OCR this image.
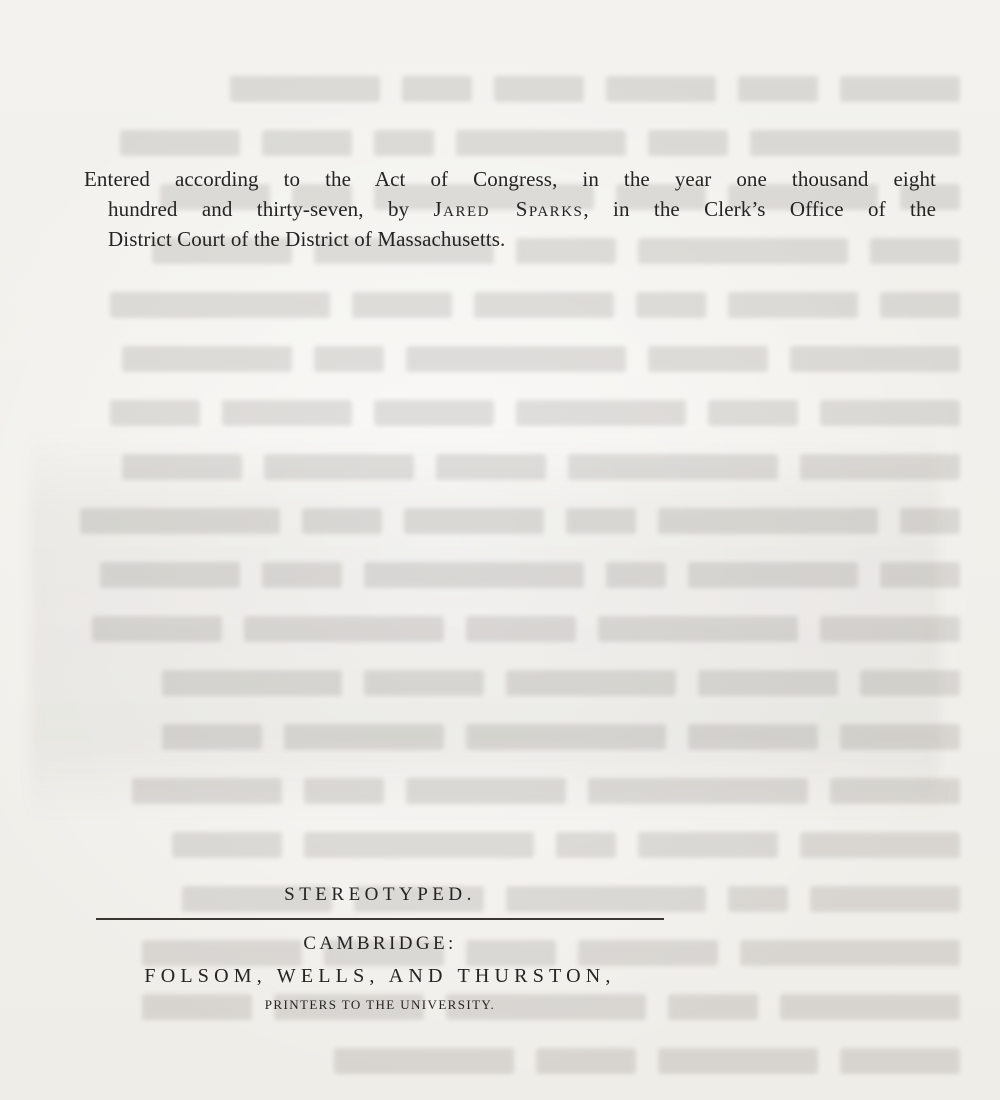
Entered according to the Act of Congress, in the year one thousand eight
hundred and thirty-seven, by Jared Sparks, in the Clerk’s Office of the
District Court of the District of Massachusetts.

STEREOTYPED.

CAMBRIDGE:

FOLSOM, WELLS, AND THURSTON,

PRINTERS TO THE UNIVERSITY.
